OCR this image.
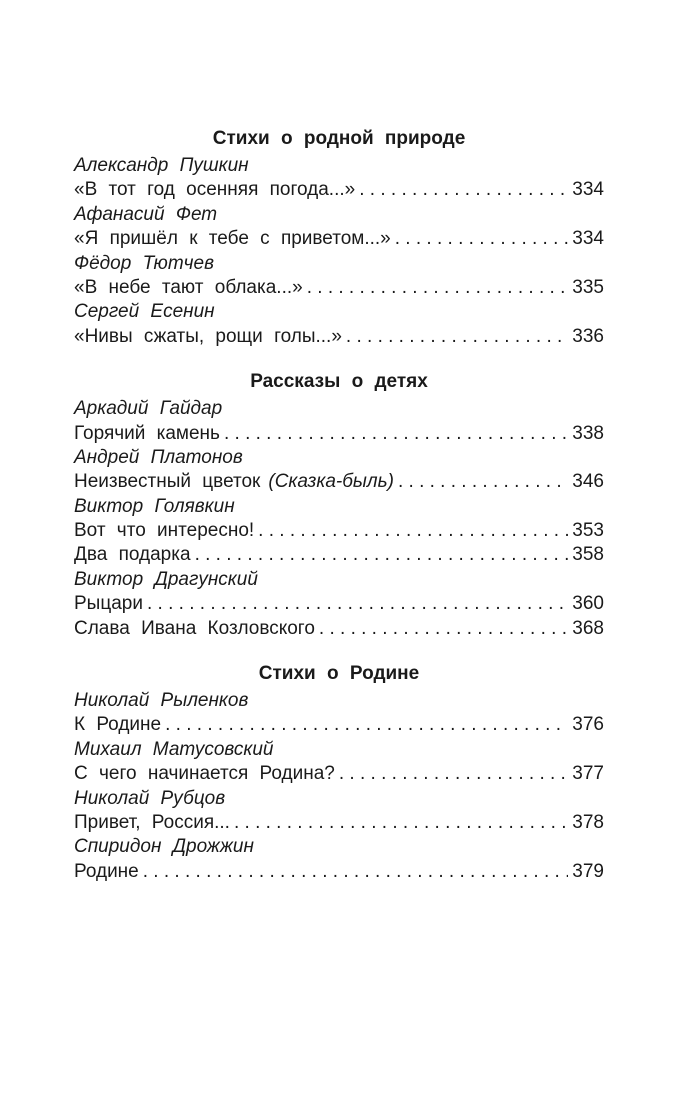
Стихи о родной природе
Александр Пушкин
«В тот год осенняя погода...» . . .	334
Афанасий Фет
«Я пришёл к тебе с приветом...» . . .	334
Фёдор Тютчев
«В небе тают облака...» . . .	335
Сергей Есенин
«Нивы сжаты, рощи голы...» . . .	336
Рассказы о детях
Аркадий Гайдар
Горячий камень . . .	338
Андрей Платонов
Неизвестный цветок (Сказка-быль) . . .	346
Виктор Голявкин
Вот что интересно! . . .	353
Два подарка . . .	358
Виктор Драгунский
Рыцари . . .	360
Слава Ивана Козловского . . .	368
Стихи о Родине
Николай Рыленков
К Родине . . .	376
Михаил Матусовский
С чего начинается Родина? . . .	377
Николай Рубцов
Привет, Россия... . . .	378
Спиридон Дрожжин
Родине . . .	379
